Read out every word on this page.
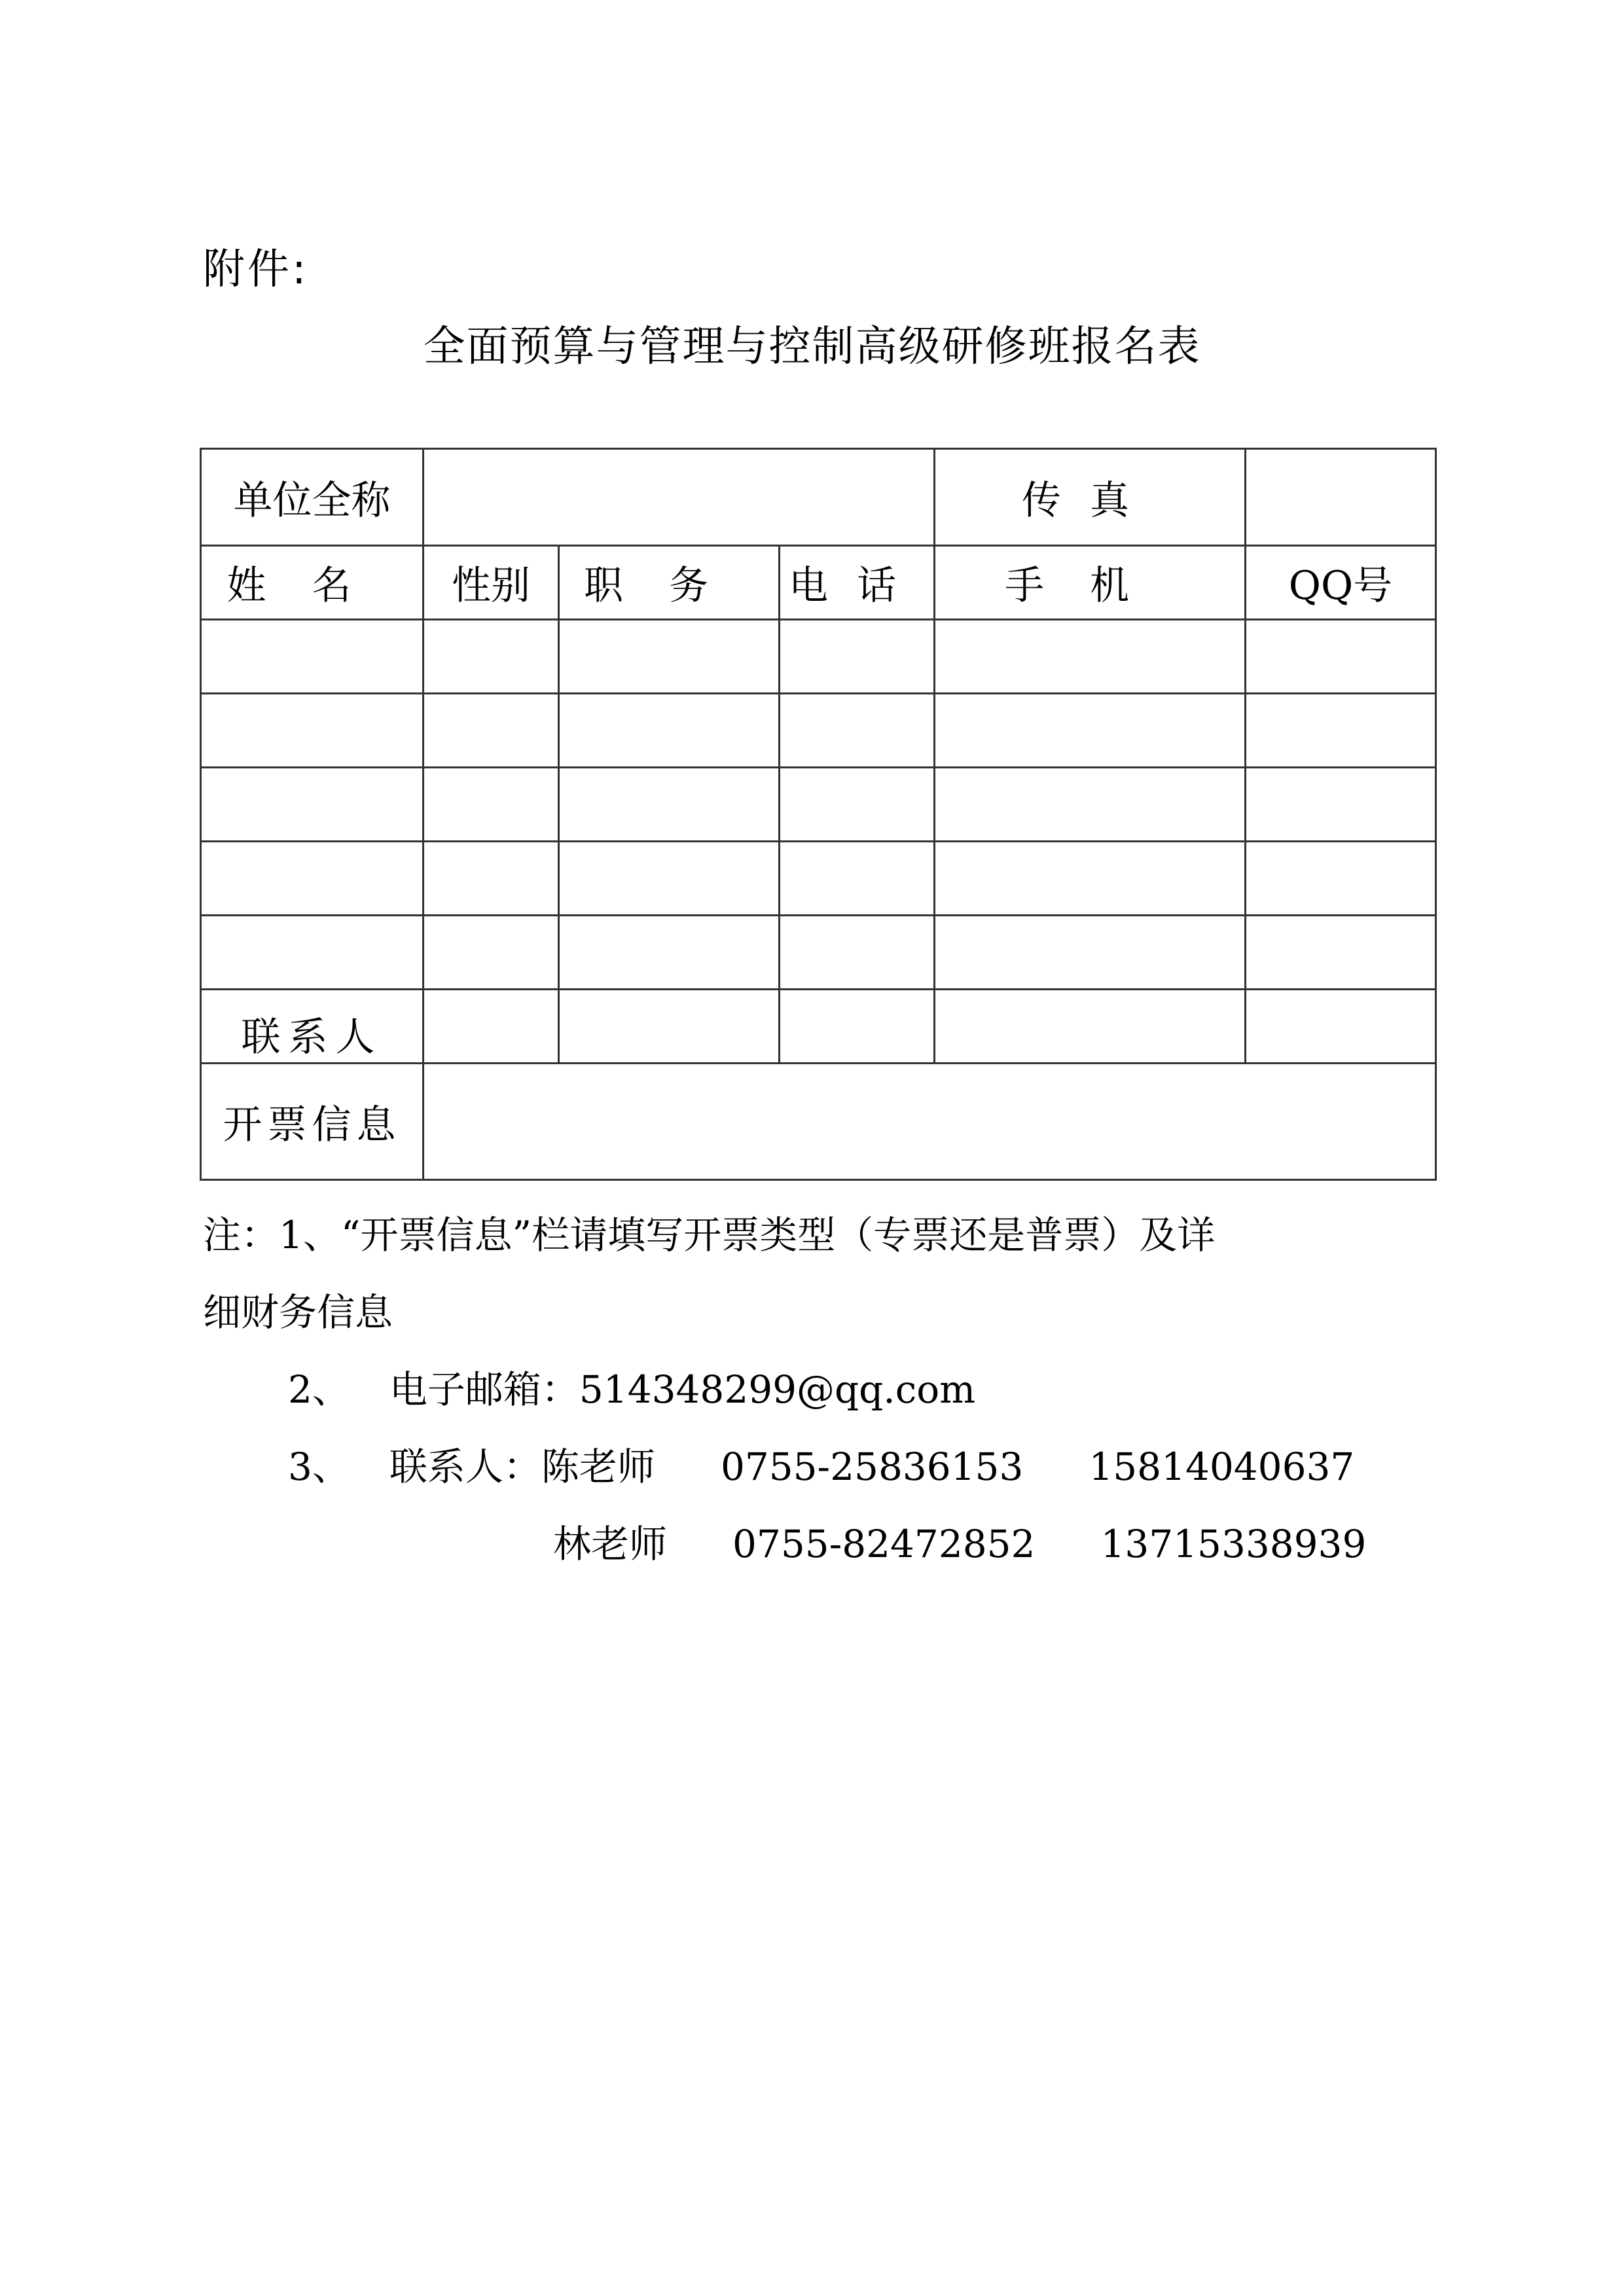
附件:
全面预算与管理与控制高级研修班报名表
单位全称				传真	
姓名	性别	职务	电话	手机	QQ号

联系人					
开票信息					
注：1、“开票信息”栏请填写开票类型（专票还是普票）及详
细财务信息
2、 电子邮箱：514348299@qq.com
3、 联系人：陈老师 0755-25836153 15814040637
林老师 0755-82472852 13715338939
